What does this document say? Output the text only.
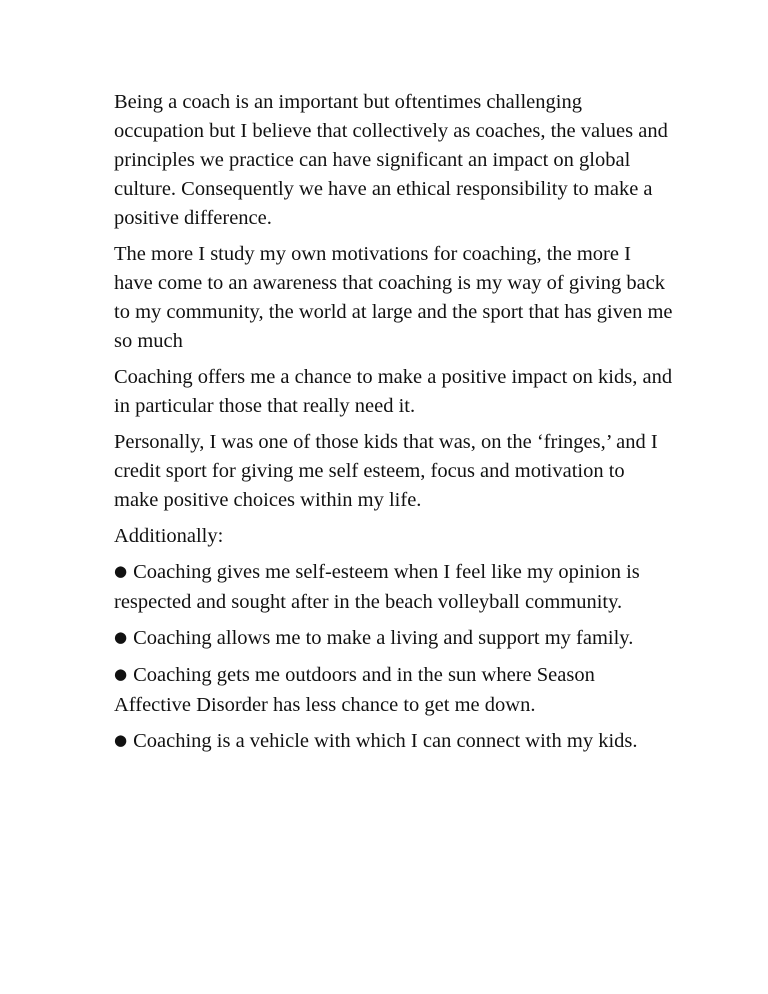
Being a coach is an important but oftentimes challenging occupation but I believe that collectively as coaches, the values and principles we practice can have significant an impact on global culture. Consequently we have an ethical responsibility to make a positive difference.

The more I study my own motivations for coaching, the more I have come to an awareness that coaching is my way of giving back to my community, the world at large and the sport that has given me so much

Coaching offers me a chance to make a positive impact on kids, and in particular those that really need it.

Personally, I was one of those kids that was, on the ‘fringes,’ and I credit sport for giving me self esteem, focus and motivation to make positive choices within my life.

Additionally:

● Coaching gives me self-esteem when I feel like my opinion is respected and sought after in the beach volleyball community.
● Coaching allows me to make a living and support my family.
● Coaching gets me outdoors and in the sun where Season Affective Disorder has less chance to get me down.
● Coaching is a vehicle with which I can connect with my kids.
